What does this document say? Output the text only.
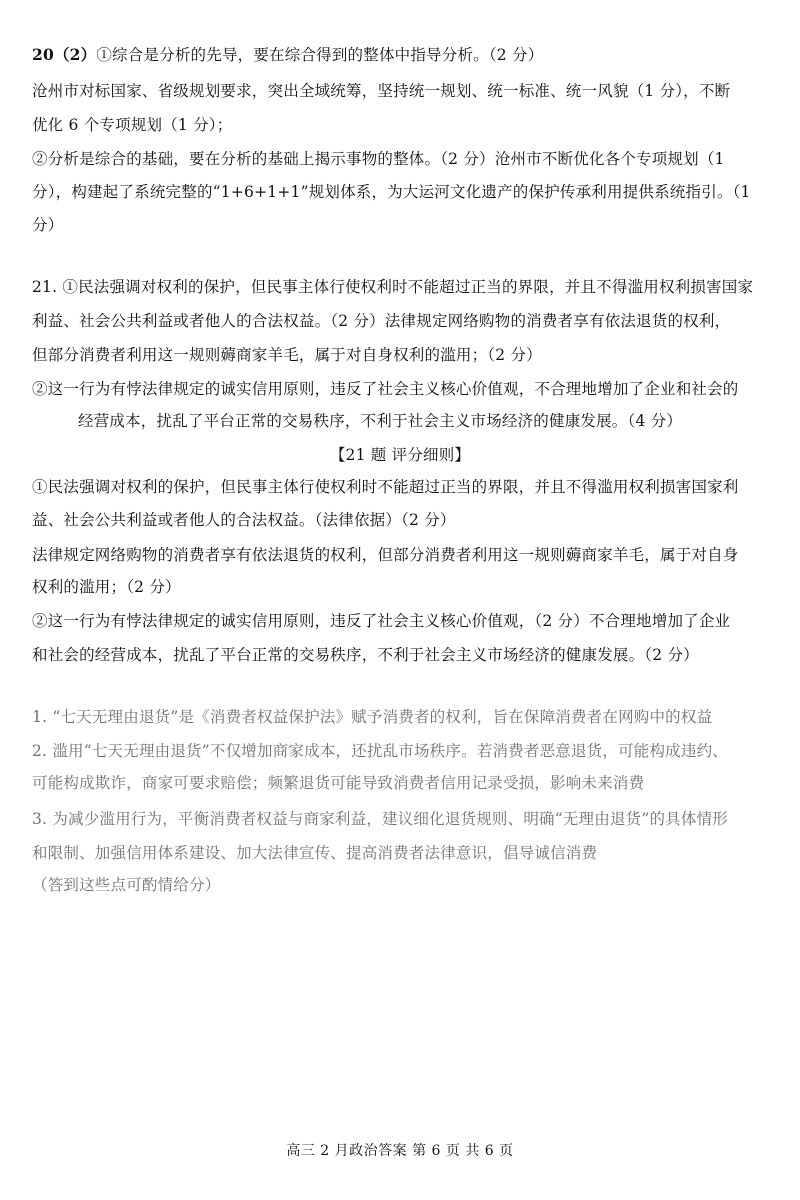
20（2）①综合是分析的先导，要在综合得到的整体中指导分析。（2 分）
沧州市对标国家、省级规划要求，突出全域统筹，坚持统一规划、统一标准、统一风貌（1 分），不断
优化 6 个专项规划（1 分）；
②分析是综合的基础，要在分析的基础上揭示事物的整体。（2 分）沧州市不断优化各个专项规划（1
分），构建起了系统完整的“1+6+1+1”规划体系，为大运河文化遗产的保护传承利用提供系统指引。（1
分）
21. ①民法强调对权利的保护，但民事主体行使权利时不能超过正当的界限，并且不得滥用权利损害国家
利益、社会公共利益或者他人的合法权益。（2 分）法律规定网络购物的消费者享有依法退货的权利，
但部分消费者利用这一规则薅商家羊毛，属于对自身权利的滥用；（2 分）
②这一行为有悖法律规定的诚实信用原则，违反了社会主义核心价值观，不合理地增加了企业和社会的
经营成本，扰乱了平台正常的交易秩序，不利于社会主义市场经济的健康发展。（4 分）
【21 题 评分细则】
①民法强调对权利的保护，但民事主体行使权利时不能超过正当的界限，并且不得滥用权利损害国家利
益、社会公共利益或者他人的合法权益。（法律依据）（2 分）
法律规定网络购物的消费者享有依法退货的权利，但部分消费者利用这一规则薅商家羊毛，属于对自身
权利的滥用；（2 分）
②这一行为有悖法律规定的诚实信用原则，违反了社会主义核心价值观，（2 分）不合理地增加了企业
和社会的经营成本，扰乱了平台正常的交易秩序，不利于社会主义市场经济的健康发展。（2 分）
1. “七天无理由退货”是《消费者权益保护法》赋予消费者的权利，旨在保障消费者在网购中的权益
2. 滥用“七天无理由退货”不仅增加商家成本，还扰乱市场秩序。若消费者恶意退货，可能构成违约、
可能构成欺诈，商家可要求赔偿；频繁退货可能导致消费者信用记录受损，影响未来消费
3. 为减少滥用行为，平衡消费者权益与商家利益，建议细化退货规则、明确“无理由退货”的具体情形
和限制、加强信用体系建设、加大法律宣传、提高消费者法律意识，倡导诚信消费
（答到这些点可酌情给分）
高三 2 月政治答案 第 6 页 共 6 页
